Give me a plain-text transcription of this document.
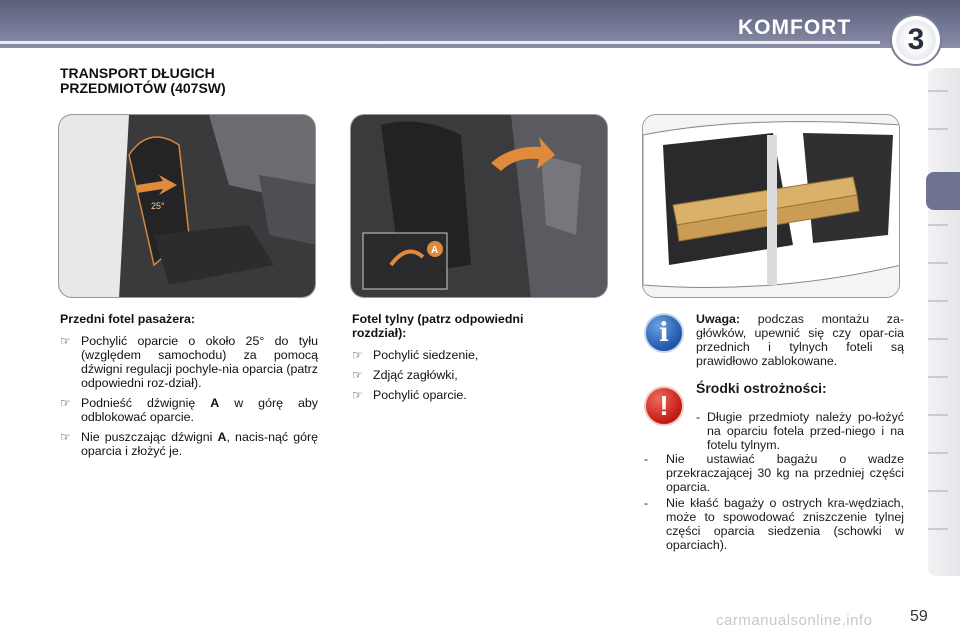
KOMFORT	3
TRANSPORT DŁUGICH PRZEDMIOTÓW (407SW)
25°
A
Przedni fotel pasażera:
☞ Pochylić oparcie o około 25° do tyłu (względem samochodu) za pomocą dźwigni regulacji pochyle-nia oparcia (patrz odpowiedni roz-dział).
☞ Podnieść dźwignię A w górę aby odblokować oparcie.
☞ Nie puszczając dźwigni A, nacis-nąć górę oparcia i złożyć je.
Fotel tylny (patrz odpowiedni rozdział):
☞ Pochylić siedzenie,
☞ Zdjąć zagłówki,
☞ Pochylić oparcie.
i	Uwaga: podczas montażu za-główków, upewnić się czy opar-cia przednich i tylnych foteli są prawidłowo zablokowane.
!
Środki ostrożności:
- Długie przedmioty należy po-łożyć na oparciu fotela przed-niego i na fotelu tylnym.
- Nie ustawiać bagażu o wadze przekraczającej 30 kg na przedniej części oparcia.
- Nie kłaść bagaży o ostrych kra-wędziach, może to spowodować zniszczenie tylnej części oparcia siedzenia (schowki w oparciach).
carmanualsonline.info 59
